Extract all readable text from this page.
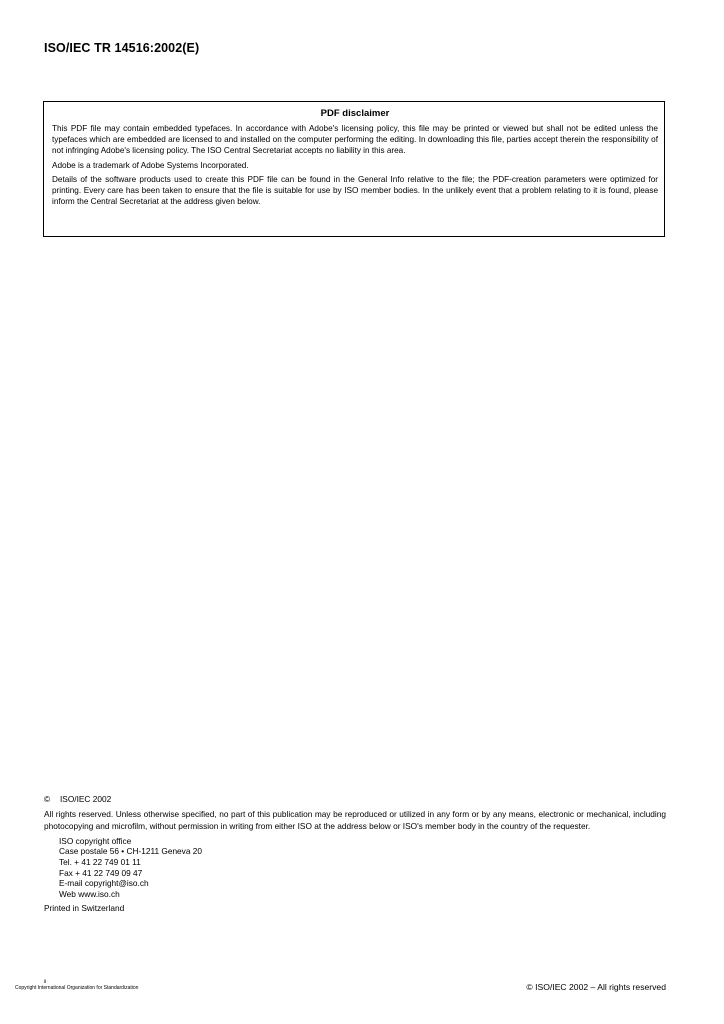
ISO/IEC TR 14516:2002(E)
PDF disclaimer

This PDF file may contain embedded typefaces. In accordance with Adobe's licensing policy, this file may be printed or viewed but shall not be edited unless the typefaces which are embedded are licensed to and installed on the computer performing the editing. In downloading this file, parties accept therein the responsibility of not infringing Adobe's licensing policy. The ISO Central Secretariat accepts no liability in this area.

Adobe is a trademark of Adobe Systems Incorporated.

Details of the software products used to create this PDF file can be found in the General Info relative to the file; the PDF-creation parameters were optimized for printing. Every care has been taken to ensure that the file is suitable for use by ISO member bodies. In the unlikely event that a problem relating to it is found, please inform the Central Secretariat at the address given below.

© ISO/IEC 2002

All rights reserved. Unless otherwise specified, no part of this publication may be reproduced or utilized in any form or by any means, electronic or mechanical, including photocopying and microfilm, without permission in writing from either ISO at the address below or ISO's member body in the country of the requester.

ISO copyright office
Case postale 56 • CH-1211 Geneva 20
Tel. + 41 22 749 01 11
Fax + 41 22 749 09 47
E-mail copyright@iso.ch
Web www.iso.ch
Printed in Switzerland
ii
Copyright International Organization for Standardization	© ISO/IEC 2002 – All rights reserved
